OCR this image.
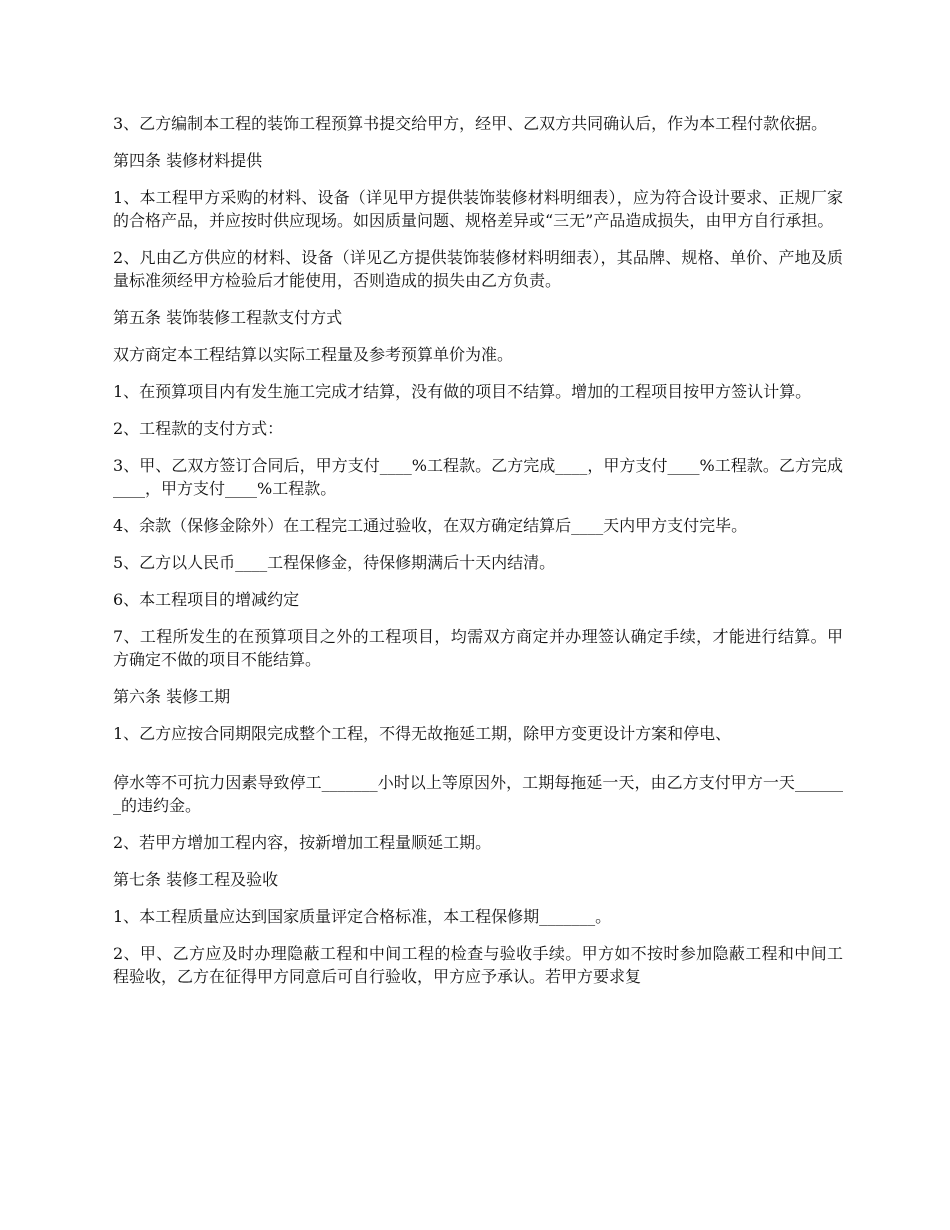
3、乙方编制本工程的装饰工程预算书提交给甲方，经甲、乙双方共同确认后，作为本工程付款依据。

第四条 装修材料提供

1、本工程甲方采购的材料、设备（详见甲方提供装饰装修材料明细表），应为符合设计要求、正规厂家的合格产品，并应按时供应现场。如因质量问题、规格差异或“三无”产品造成损失，由甲方自行承担。

2、凡由乙方供应的材料、设备（详见乙方提供装饰装修材料明细表），其品牌、规格、单价、产地及质量标准须经甲方检验后才能使用，否则造成的损失由乙方负责。

第五条 装饰装修工程款支付方式

双方商定本工程结算以实际工程量及参考预算单价为准。

1、在预算项目内有发生施工完成才结算，没有做的项目不结算。增加的工程项目按甲方签认计算。

2、工程款的支付方式：

3、甲、乙双方签订合同后，甲方支付____%工程款。乙方完成____，甲方支付____%工程款。乙方完成____，甲方支付____%工程款。

4、余款（保修金除外）在工程完工通过验收，在双方确定结算后____天内甲方支付完毕。

5、乙方以人民币____工程保修金，待保修期满后十天内结清。

6、本工程项目的增减约定

7、工程所发生的在预算项目之外的工程项目，均需双方商定并办理签认确定手续，才能进行结算。甲方确定不做的项目不能结算。

第六条 装修工期

1、乙方应按合同期限完成整个工程，不得无故拖延工期，除甲方变更设计方案和停电、

停水等不可抗力因素导致停工_______小时以上等原因外，工期每拖延一天，由乙方支付甲方一天_______的违约金。

2、若甲方增加工程内容，按新增加工程量顺延工期。

第七条 装修工程及验收

1、本工程质量应达到国家质量评定合格标准，本工程保修期_______。

2、甲、乙方应及时办理隐蔽工程和中间工程的检查与验收手续。甲方如不按时参加隐蔽工程和中间工程验收，乙方在征得甲方同意后可自行验收，甲方应予承认。若甲方要求复
